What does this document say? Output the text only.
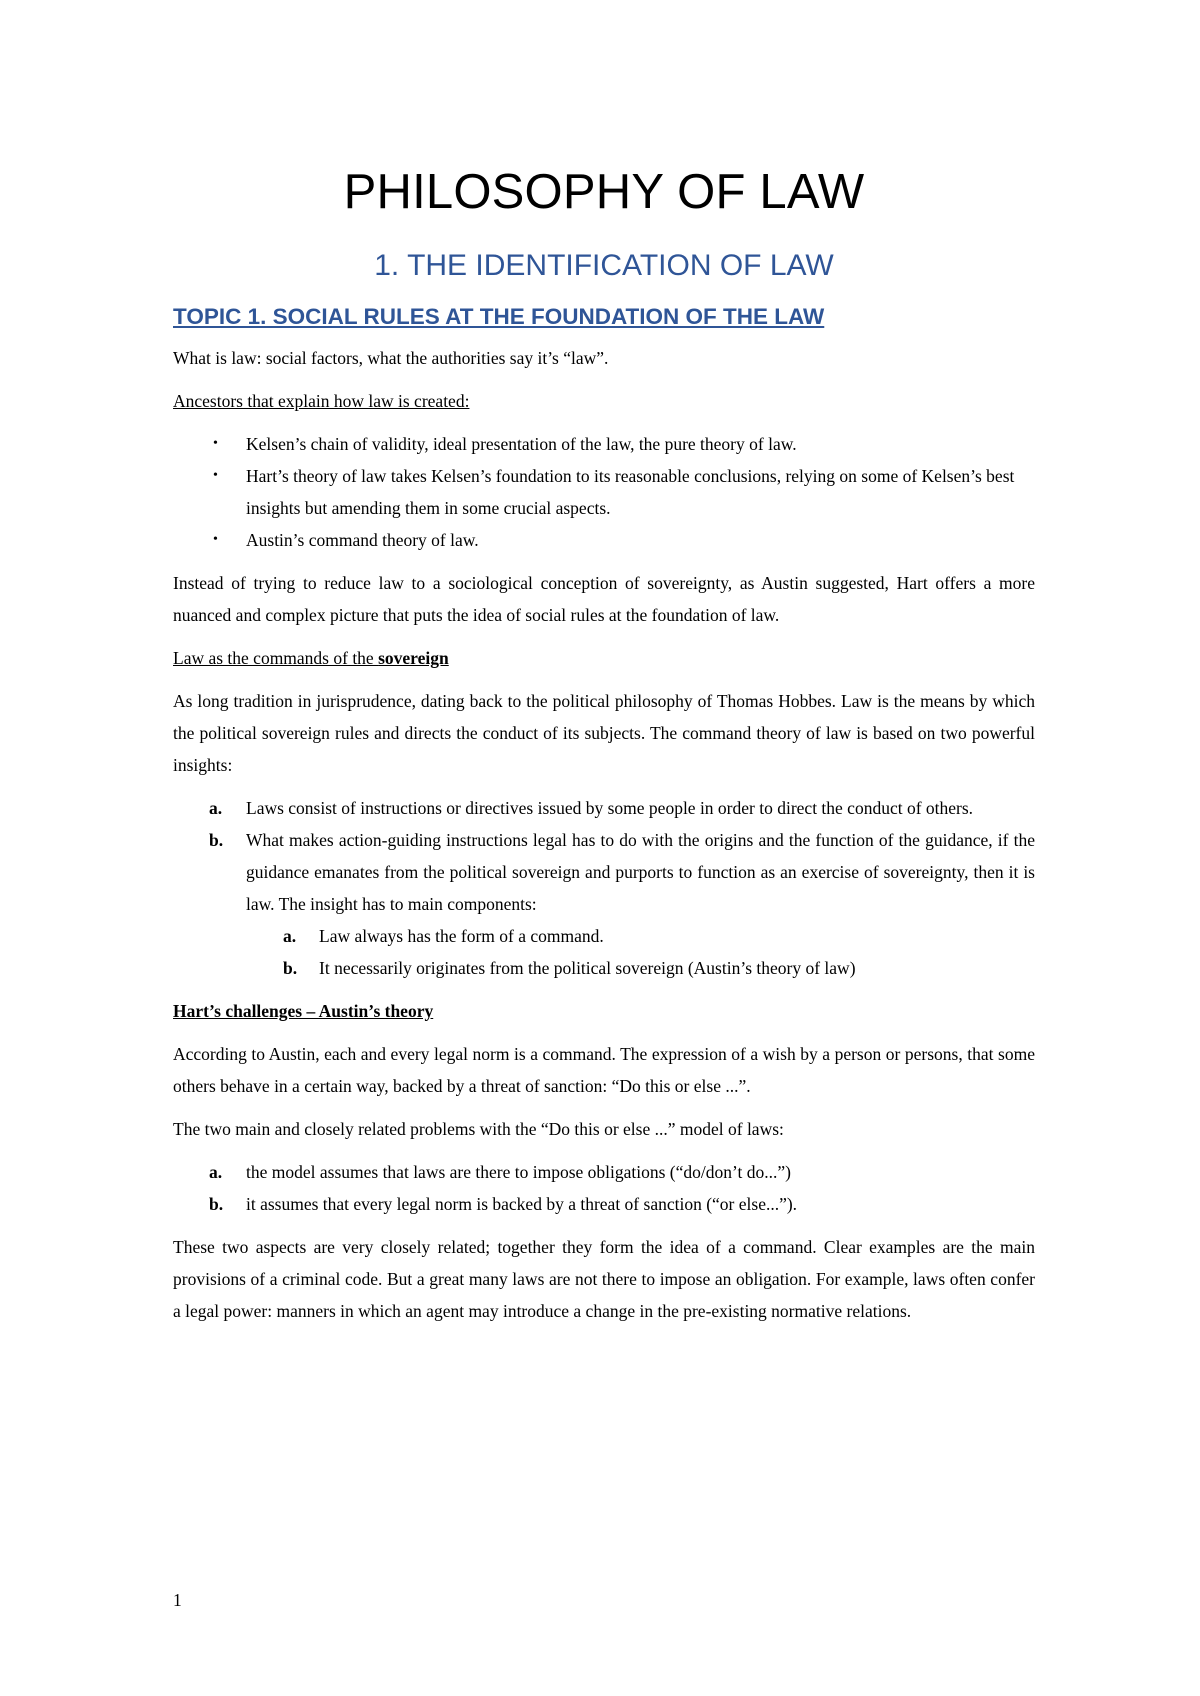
PHILOSOPHY OF LAW
1. THE IDENTIFICATION OF LAW
TOPIC 1. SOCIAL RULES AT THE FOUNDATION OF THE LAW

What is law: social factors, what the authorities say it’s “law”.

Ancestors that explain how law is created:

• Kelsen’s chain of validity, ideal presentation of the law, the pure theory of law.
• Hart’s theory of law takes Kelsen’s foundation to its reasonable conclusions, relying on some of Kelsen’s best insights but amending them in some crucial aspects.
• Austin’s command theory of law.

Instead of trying to reduce law to a sociological conception of sovereignty, as Austin suggested, Hart offers a more nuanced and complex picture that puts the idea of social rules at the foundation of law.

Law as the commands of the sovereign

As long tradition in jurisprudence, dating back to the political philosophy of Thomas Hobbes. Law is the means by which the political sovereign rules and directs the conduct of its subjects. The command theory of law is based on two powerful insights:

a. Laws consist of instructions or directives issued by some people in order to direct the conduct of others.
b. What makes action-guiding instructions legal has to do with the origins and the function of the guidance, if the guidance emanates from the political sovereign and purports to function as an exercise of sovereignty, then it is law. The insight has to main components:
a. Law always has the form of a command.
b. It necessarily originates from the political sovereign (Austin’s theory of law)

Hart’s challenges – Austin’s theory

According to Austin, each and every legal norm is a command. The expression of a wish by a person or persons, that some others behave in a certain way, backed by a threat of sanction: “Do this or else ...”.

The two main and closely related problems with the “Do this or else ...” model of laws:

a. the model assumes that laws are there to impose obligations (“do/don’t do...”)
b. it assumes that every legal norm is backed by a threat of sanction (“or else...”).

These two aspects are very closely related; together they form the idea of a command. Clear examples are the main provisions of a criminal code. But a great many laws are not there to impose an obligation. For example, laws often confer a legal power: manners in which an agent may introduce a change in the pre-existing normative relations.

1
